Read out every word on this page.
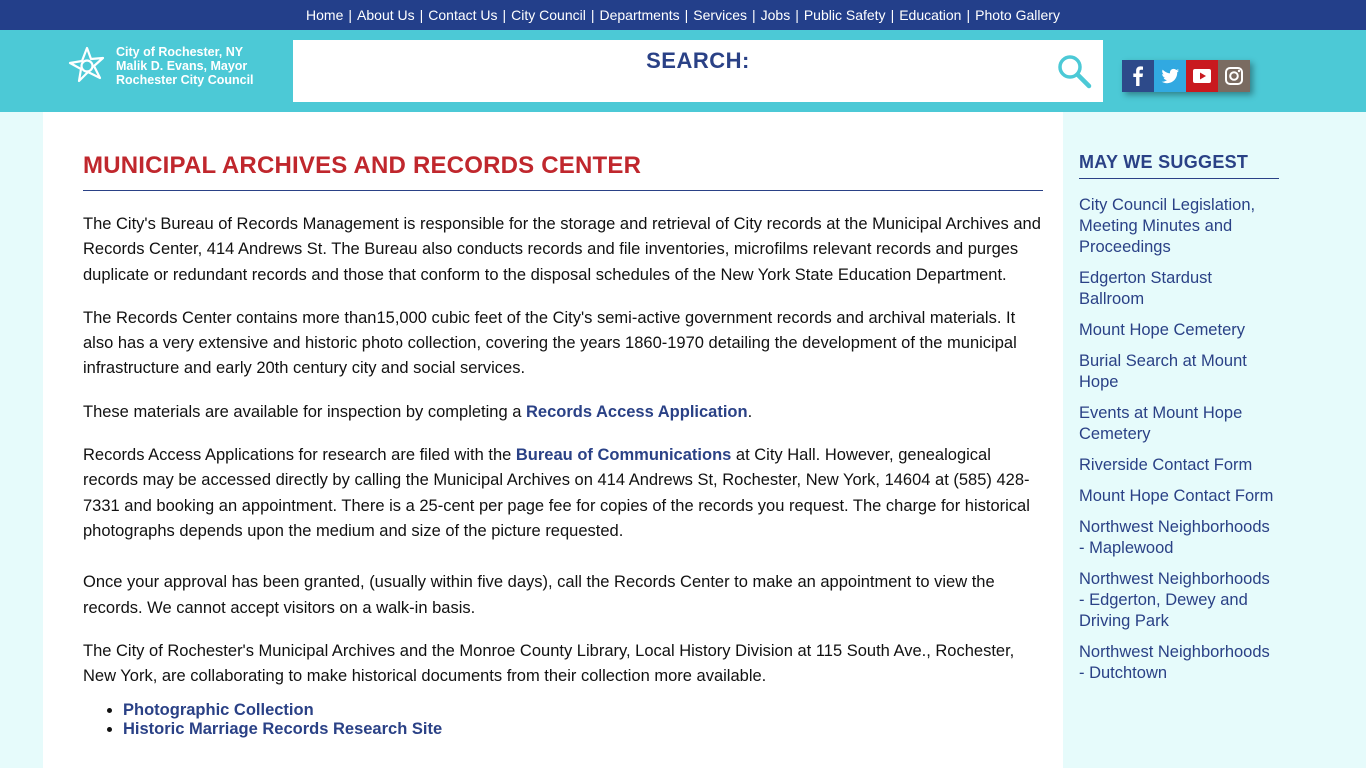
Home | About Us | Contact Us | City Council | Departments | Services | Jobs | Public Safety | Education | Photo Gallery
City of Rochester, NY
Malik D. Evans, Mayor
Rochester City Council
SEARCH:
MUNICIPAL ARCHIVES AND RECORDS CENTER

The City's Bureau of Records Management is responsible for the storage and retrieval of City records at the Municipal Archives and Records Center, 414 Andrews St. The Bureau also conducts records and file inventories, microfilms relevant records and purges duplicate or redundant records and those that conform to the disposal schedules of the New York State Education Department.

The Records Center contains more than15,000 cubic feet of the City's semi-active government records and archival materials. It also has a very extensive and historic photo collection, covering the years 1860-1970 detailing the development of the municipal infrastructure and early 20th century city and social services.

These materials are available for inspection by completing a Records Access Application.

Records Access Applications for research are filed with the Bureau of Communications at City Hall. However, genealogical records may be accessed directly by calling the Municipal Archives on 414 Andrews St, Rochester, New York, 14604 at (585) 428-7331 and booking an appointment. There is a 25-cent per page fee for copies of the records you request. The charge for historical photographs depends upon the medium and size of the picture requested.

Once your approval has been granted, (usually within five days), call the Records Center to make an appointment to view the records. We cannot accept visitors on a walk-in basis.

The City of Rochester's Municipal Archives and the Monroe County Library, Local History Division at 115 South Ave., Rochester, New York, are collaborating to make historical documents from their collection more available.

• Photographic Collection
• Historic Marriage Records Research Site
MAY WE SUGGEST
City Council Legislation, Meeting Minutes and Proceedings
Edgerton Stardust Ballroom
Mount Hope Cemetery
Burial Search at Mount Hope
Events at Mount Hope Cemetery
Riverside Contact Form
Mount Hope Contact Form
Northwest Neighborhoods - Maplewood
Northwest Neighborhoods - Edgerton, Dewey and Driving Park
Northwest Neighborhoods - Dutchtown
